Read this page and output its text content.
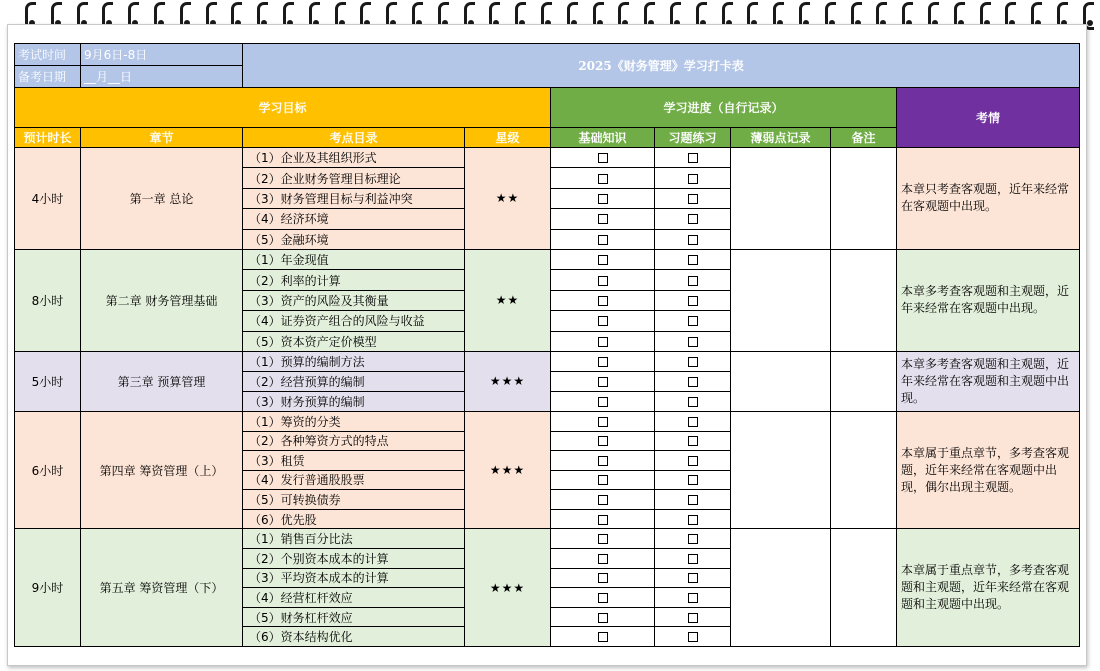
考试时间	9月6日-8日	2025《财务管理》学习打卡表						
备考日期	__月__日							
学习目标				学习进度（自行记录）				考情
预计时长	章节	考点目录	星级	基础知识	习题练习	薄弱点记录	备注	
4小时	第一章 总论	（1）企业及其组织形式	★★					本章只考查客观题，近年来经常在客观题中出现。
		（2）企业财务管理目标理论						
		（3）财务管理目标与利益冲突						
		（4）经济环境						
		（5）金融环境						
8小时	第二章 财务管理基础	（1）年金现值	★★					本章多考查客观题和主观题，近年来经常在客观题中出现。
		（2）利率的计算						
		（3）资产的风险及其衡量						
		（4）证券资产组合的风险与收益						
		（5）资本资产定价模型						
5小时	第三章 预算管理	（1）预算的编制方法	★★★					本章多考查客观题和主观题，近年来经常在客观题和主观题中出现。
		（2）经营预算的编制						
		（3）财务预算的编制						
6小时	第四章 筹资管理（上）	（1）筹资的分类	★★★					本章属于重点章节，多考查客观题，近年来经常在客观题中出现，偶尔出现主观题。
		（2）各种筹资方式的特点						
		（3）租赁						
		（4）发行普通股股票						
		（5）可转换债券						
		（6）优先股						
9小时	第五章 筹资管理（下）	（1）销售百分比法	★★★					本章属于重点章节，多考查客观题和主观题，近年来经常在客观题和主观题中出现。
		（2）个别资本成本的计算						
		（3）平均资本成本的计算						
		（4）经营杠杆效应						
		（5）财务杠杆效应						
		（6）资本结构优化						
